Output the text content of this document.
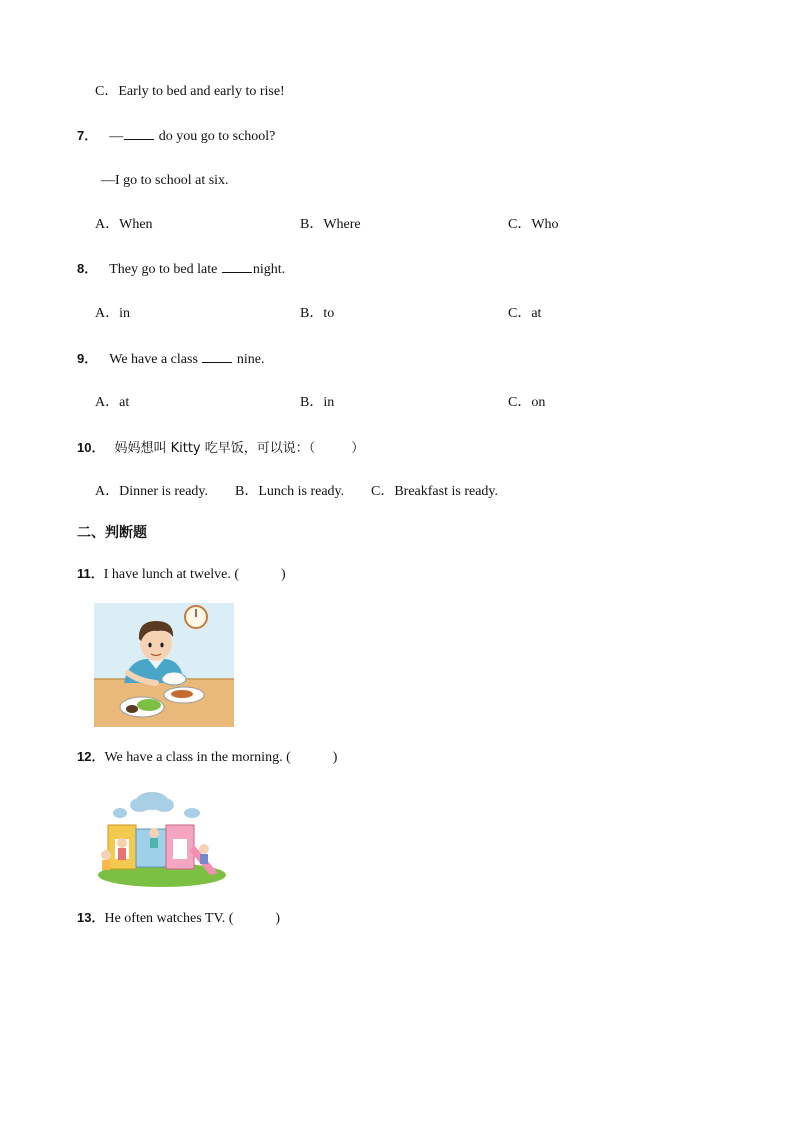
C．Early to bed and early to rise!
7． —	do you go to school?
—I go to school at six.
A．When	B．Where	C．Who
8． They go to bed late	night.
A．in	B．to	C．at
9． We have a class	nine.
A．at	B．in	C．on
10． 妈妈想叫 Kitty 吃早饭，可以说：（	）
A．Dinner is ready. B．Lunch is ready. C．Breakfast is ready.
二、判断题
11．I have lunch at twelve. (	)
12．We have a class in the morning. (	)
13．He often watches TV. (	)
